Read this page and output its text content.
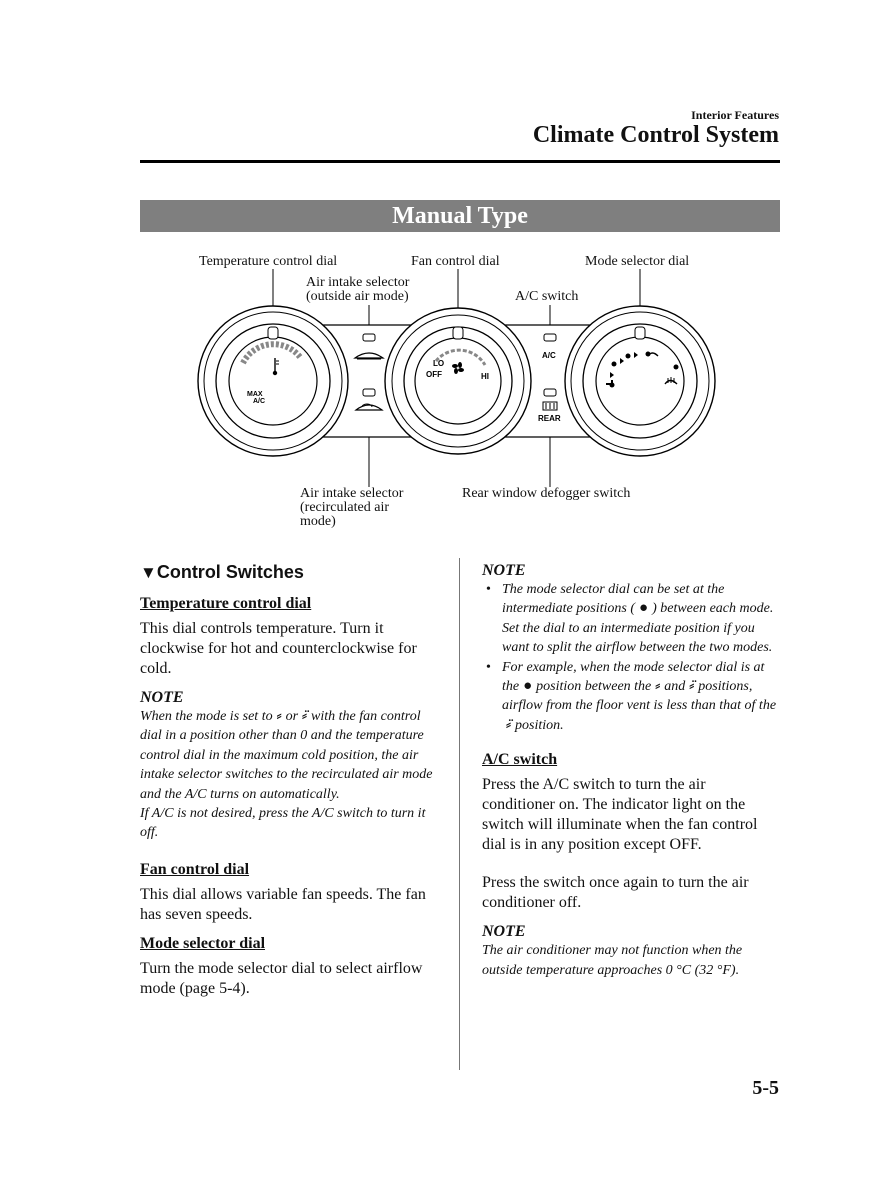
Interior Features
Climate Control System
Manual Type
Temperature control dial	Fan control dial	Mode selector dial
Air intake selector (outside air mode)	A/C switch
Air intake selector (recirculated air mode)
Rear window defogger switch
MAX
A/C
LO
OFF	HI
A/C
REAR
▼Control Switches
Temperature control dial
This dial controls temperature. Turn it clockwise for hot and counterclockwise for cold.
NOTE
When the mode is set to ⸗ or ⸗̈ with the fan control dial in a position other than 0 and the temperature control dial in the maximum cold position, the air intake selector switches to the recirculated air mode and the A/C turns on automatically.
If A/C is not desired, press the A/C switch to turn it off.
Fan control dial
This dial allows variable fan speeds. The fan has seven speeds.
Mode selector dial
Turn the mode selector dial to select airflow mode (page 5-4).
NOTE
• The mode selector dial can be set at the intermediate positions ( ● ) between each mode. Set the dial to an intermediate position if you want to split the airflow between the two modes.
• For example, when the mode selector dial is at the ● position between the ⸗ and ⸗̈ positions, airflow from the floor vent is less than that of the⸗̈ position.
A/C switch
Press the A/C switch to turn the air conditioner on. The indicator light on the switch will illuminate when the fan control dial is in any position except OFF.
Press the switch once again to turn the air conditioner off.
NOTE
The air conditioner may not function when the outside temperature approaches 0 °C (32 °F).
5-5
